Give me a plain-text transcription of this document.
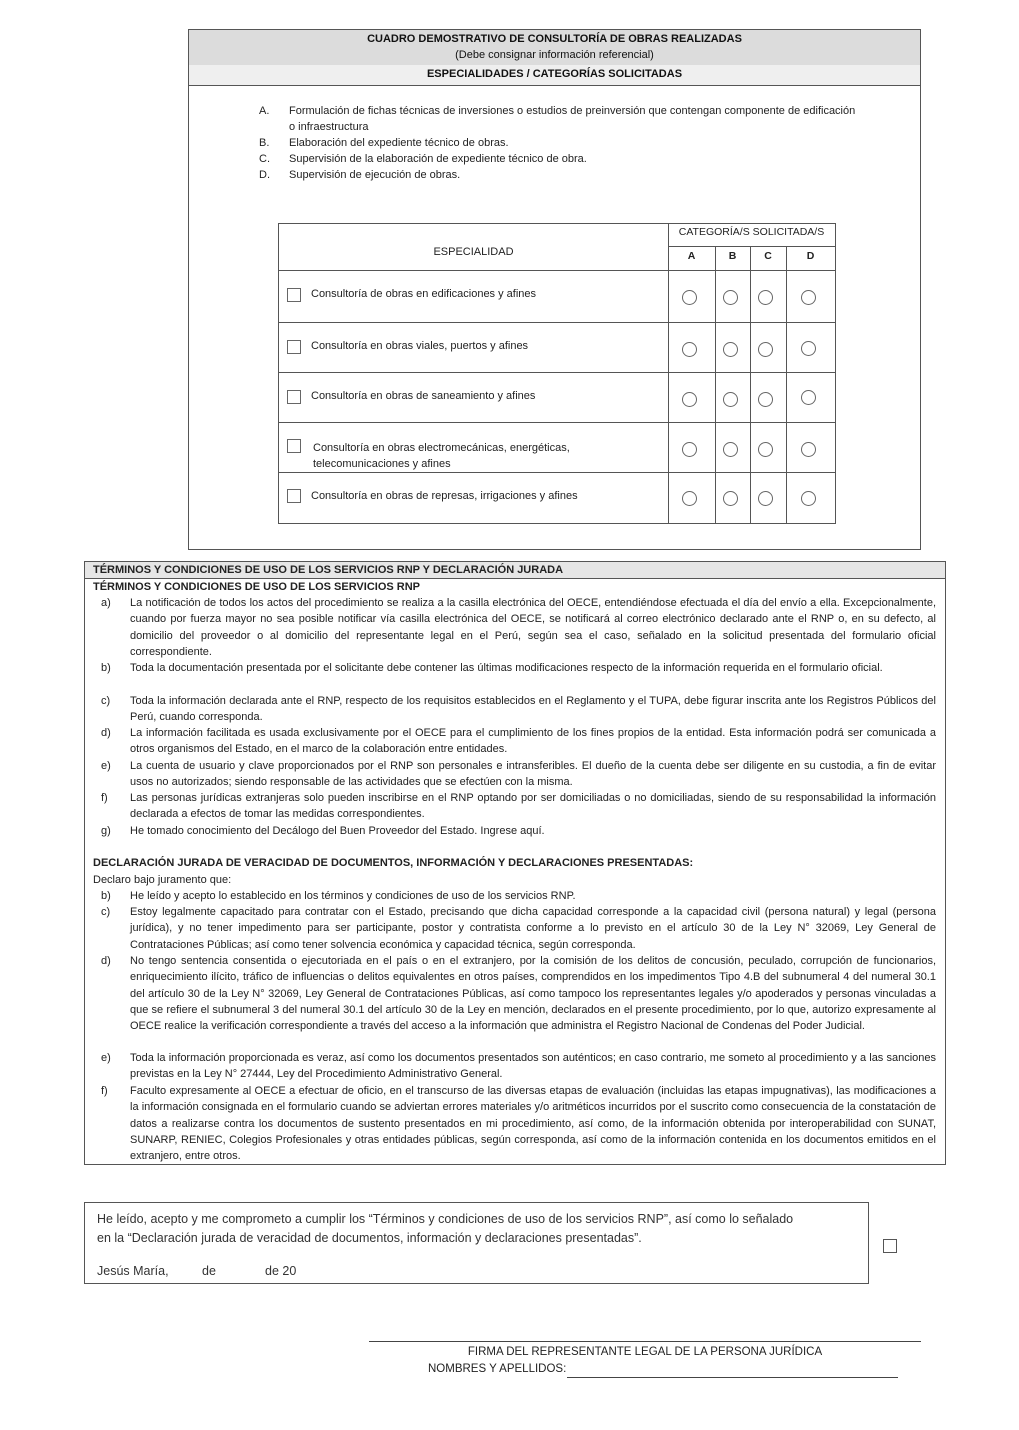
CUADRO DEMOSTRATIVO DE CONSULTORÍA DE OBRAS REALIZADAS
(Debe consignar información referencial)
ESPECIALIDADES / CATEGORÍAS SOLICITADAS
A.	Formulación de fichas técnicas de inversiones o estudios de preinversión que contengan componente de edificación o infraestructura
B.	Elaboración del expediente técnico de obras.
C.	Supervisión de la elaboración de expediente técnico de obra.
D.	Supervisión de ejecución de obras.
ESPECIALIDAD
CATEGORÍA/S SOLICITADA/S
A	B	C	D
Consultoría de obras en edificaciones y afines
Consultoría en obras viales, puertos y afines
Consultoría en obras de saneamiento y afines
Consultoría en obras electromecánicas, energéticas, telecomunicaciones y afines
Consultoría en obras de represas, irrigaciones y afines
TÉRMINOS Y CONDICIONES DE USO DE LOS SERVICIOS RNP Y DECLARACIÓN JURADA
TÉRMINOS Y CONDICIONES DE USO DE LOS SERVICIOS RNP
a) La notificación de todos los actos del procedimiento se realiza a la casilla electrónica del OECE, entendiéndose efectuada el día del envío a ella. Excepcionalmente, cuando por fuerza mayor no sea posible notificar vía casilla electrónica del OECE, se notificará al correo electrónico declarado ante el RNP o, en su defecto, al domicilio del proveedor o al domicilio del representante legal en el Perú, según sea el caso, señalado en la solicitud presentada del formulario oficial correspondiente.
b) Toda la documentación presentada por el solicitante debe contener las últimas modificaciones respecto de la información requerida en el formulario oficial.
c) Toda la información declarada ante el RNP, respecto de los requisitos establecidos en el Reglamento y el TUPA, debe figurar inscrita ante los Registros Públicos del Perú, cuando corresponda.
d) La información facilitada es usada exclusivamente por el OECE para el cumplimiento de los fines propios de la entidad. Esta información podrá ser comunicada a otros organismos del Estado, en el marco de la colaboración entre entidades.
e) La cuenta de usuario y clave proporcionados por el RNP son personales e intransferibles. El dueño de la cuenta debe ser diligente en su custodia, a fin de evitar usos no autorizados; siendo responsable de las actividades que se efectúen con la misma.
f) Las personas jurídicas extranjeras solo pueden inscribirse en el RNP optando por ser domiciliadas o no domiciliadas, siendo de su responsabilidad la información declarada a efectos de tomar las medidas correspondientes.
g) He tomado conocimiento del Decálogo del Buen Proveedor del Estado. Ingrese aquí.
DECLARACIÓN JURADA DE VERACIDAD DE DOCUMENTOS, INFORMACIÓN Y DECLARACIONES PRESENTADAS:
Declaro bajo juramento que:
b) He leído y acepto lo establecido en los términos y condiciones de uso de los servicios RNP.
c) Estoy legalmente capacitado para contratar con el Estado, precisando que dicha capacidad corresponde a la capacidad civil (persona natural) y legal (persona jurídica), y no tener impedimento para ser participante, postor y contratista conforme a lo previsto en el artículo 30 de la Ley N° 32069, Ley General de Contrataciones Públicas; así como tener solvencia económica y capacidad técnica, según corresponda.
d) No tengo sentencia consentida o ejecutoriada en el país o en el extranjero, por la comisión de los delitos de concusión, peculado, corrupción de funcionarios, enriquecimiento ilícito, tráfico de influencias o delitos equivalentes en otros países, comprendidos en los impedimentos Tipo 4.B del subnumeral 4 del numeral 30.1 del artículo 30 de la Ley N° 32069, Ley General de Contrataciones Públicas, así como tampoco los representantes legales y/o apoderados y personas vinculadas a que se refiere el subnumeral 3 del numeral 30.1 del artículo 30 de la Ley en mención, declarados en el presente procedimiento, por lo que, autorizo expresamente al OECE realice la verificación correspondiente a través del acceso a la información que administra el Registro Nacional de Condenas del Poder Judicial.
e) Toda la información proporcionada es veraz, así como los documentos presentados son auténticos; en caso contrario, me someto al procedimiento y a las sanciones previstas en la Ley N° 27444, Ley del Procedimiento Administrativo General.
f) Faculto expresamente al OECE a efectuar de oficio, en el transcurso de las diversas etapas de evaluación (incluidas las etapas impugnativas), las modificaciones a la información consignada en el formulario cuando se adviertan errores materiales y/o aritméticos incurridos por el suscrito como consecuencia de la constatación de datos a realizarse contra los documentos de sustento presentados en mi procedimiento, así como, de la información obtenida por interoperabilidad con SUNAT, SUNARP, RENIEC, Colegios Profesionales y otras entidades públicas, según corresponda, así como de la información contenida en los documentos emitidos en el extranjero, entre otros.
He leído, acepto y me comprometo a cumplir los “Términos y condiciones de uso de los servicios RNP”, así como lo señalado
en la “Declaración jurada de veracidad de documentos, información y declaraciones presentadas”.
Jesús María,	de	de 20
FIRMA DEL REPRESENTANTE LEGAL DE LA PERSONA JURÍDICA
NOMBRES Y APELLIDOS:
